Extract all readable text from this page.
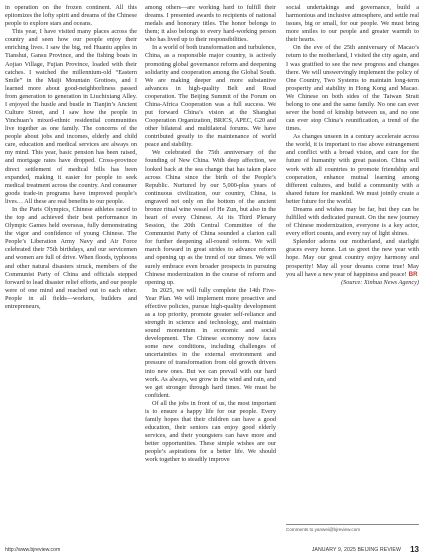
in operation on the frozen continent. All this epitomizes the lofty spirit and dreams of the Chinese people to explore stars and oceans.

This year, I have visited many places across the country and seen how our people enjoy their enriching lives. I saw the big, red Huaniu apples in Tianshui, Gansu Province, and the fishing boats in Aojiao Village, Fujian Province, loaded with their catches. I watched the millennium-old “Eastern Smile” in the Maiji Mountain Grottoes, and I learned more about good-neighborliness passed from generation to generation in Liuchixiang Alley. I enjoyed the hustle and bustle in Tianjin’s Ancient Culture Street, and I saw how the people in Yinchuan’s mixed-ethnic residential communities live together as one family. The concerns of the people about jobs and incomes, elderly and child care, education and medical services are always on my mind. This year, basic pension has been raised, and mortgage rates have dropped. Cross-province direct settlement of medical bills has been expanded, making it easier for people to seek medical treatment across the country. And consumer goods trade-in programs have improved people’s lives… All these are real benefits to our people.

In the Paris Olympics, Chinese athletes raced to the top and achieved their best performance in Olympic Games held overseas, fully demonstrating the vigor and confidence of young Chinese. The People’s Liberation Army Navy and Air Force celebrated their 75th birthdays, and our servicemen and women are full of drive. When floods, typhoons and other natural disasters struck, members of the Communist Party of China and officials stepped forward to lead disaster relief efforts, and our people were of one mind and reached out to each other. People in all fields—workers, builders and entrepreneurs,

among others—are working hard to fulfill their dreams. I presented awards to recipients of national medals and honorary titles. The honor belongs to them; it also belongs to every hard-working person who has lived up to their responsibilities.

In a world of both transformation and turbulence, China, as a responsible major country, is actively promoting global governance reform and deepening solidarity and cooperation among the Global South. We are making deeper and more substantive advances in high-quality Belt and Road cooperation. The Beijing Summit of the Forum on China-Africa Cooperation was a full success. We put forward China’s vision at the Shanghai Cooperation Organization, BRICS, APEC, G20 and other bilateral and multilateral forums. We have contributed greatly to the maintenance of world peace and stability.

We celebrated the 75th anniversary of the founding of New China. With deep affection, we looked back at the sea change that has taken place across China since the birth of the People’s Republic. Nurtured by our 5,000-plus years of continuous civilization, our country, China, is engraved not only on the bottom of the ancient bronze ritual wine vessel of He Zun, but also in the heart of every Chinese. At its Third Plenary Session, the 20th Central Committee of the Communist Party of China sounded a clarion call for further deepening all-round reform. We will march forward in great strides to advance reform and opening up as the trend of our times. We will surely embrace even broader prospects in pursuing Chinese modernization in the course of reform and opening up.

In 2025, we will fully complete the 14th Five-Year Plan. We will implement more proactive and effective policies, pursue high-quality development as a top priority, promote greater self-reliance and strength in science and technology, and maintain sound momentum in economic and social development. The Chinese economy now faces some new conditions, including challenges of uncertainties in the external environment and pressure of transformation from old growth drivers into new ones. But we can prevail with our hard work. As always, we grow in the wind and rain, and we get stronger through hard times. We must be confident.

Of all the jobs in front of us, the most important is to ensure a happy life for our people. Every family hopes that their children can have a good education, their seniors can enjoy good elderly services, and their youngsters can have more and better opportunities. These simple wishes are our people’s aspirations for a better life. We should work together to steadily improve

social undertakings and governance, build a harmonious and inclusive atmosphere, and settle real issues, big or small, for our people. We must bring more smiles to our people and greater warmth to their hearts.

On the eve of the 25th anniversary of Macao’s return to the motherland, I visited the city again, and I was gratified to see the new progress and changes there. We will unswervingly implement the policy of One Country, Two Systems to maintain long-term prosperity and stability in Hong Kong and Macao. We Chinese on both sides of the Taiwan Strait belong to one and the same family. No one can ever sever the bond of kinship between us, and no one can ever stop China’s reunification, a trend of the times.

As changes unseen in a century accelerate across the world, it is important to rise above estrangement and conflict with a broad vision, and care for the future of humanity with great passion. China will work with all countries to promote friendship and cooperation, enhance mutual learning among different cultures, and build a community with a shared future for mankind. We must jointly create a better future for the world.

Dreams and wishes may be far, but they can be fulfilled with dedicated pursuit. On the new journey of Chinese modernization, everyone is a key actor, every effort counts, and every ray of light shines.

Splendor adorns our motherland, and starlight graces every home. Let us greet the new year with hope. May our great country enjoy harmony and prosperity! May all your dreams come true! May you all have a new year of happiness and peace! BR

(Source: Xinhua News Agency)

Comments to yanwei@bjreview.com
http://www.bjreview.com	JANUARY 9, 2025 BEIJING REVIEW 13
